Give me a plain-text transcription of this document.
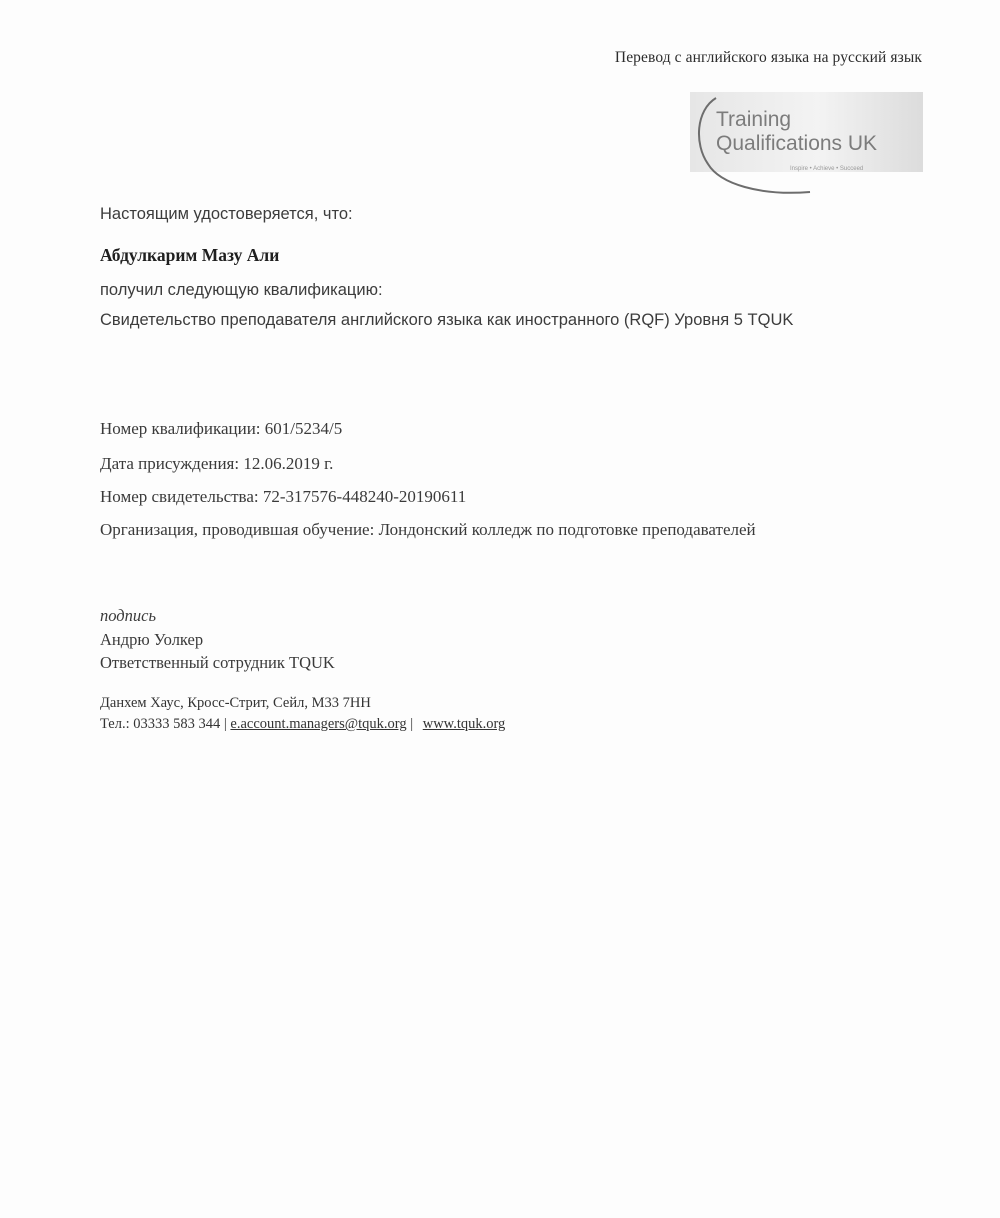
Перевод с английского языка на русский язык
Training
Qualifications UK
Inspire • Achieve • Succeed
Настоящим удостоверяется, что:
Абдулкарим Мазу Али
получил следующую квалификацию:
Свидетельство преподавателя английского языка как иностранного (RQF) Уровня 5 TQUK
Номер квалификации: 601/5234/5
Дата присуждения: 12.06.2019 г.
Номер свидетельства: 72-317576-448240-20190611
Организация, проводившая обучение: Лондонский колледж по подготовке преподавателей
подпись
Андрю Уолкер
Ответственный сотрудник TQUK
Данхем Хаус, Кросс-Стрит, Сейл, M33 7HH
Тел.: 03333 583 344 | e.account.managers@tquk.org | www.tquk.org
